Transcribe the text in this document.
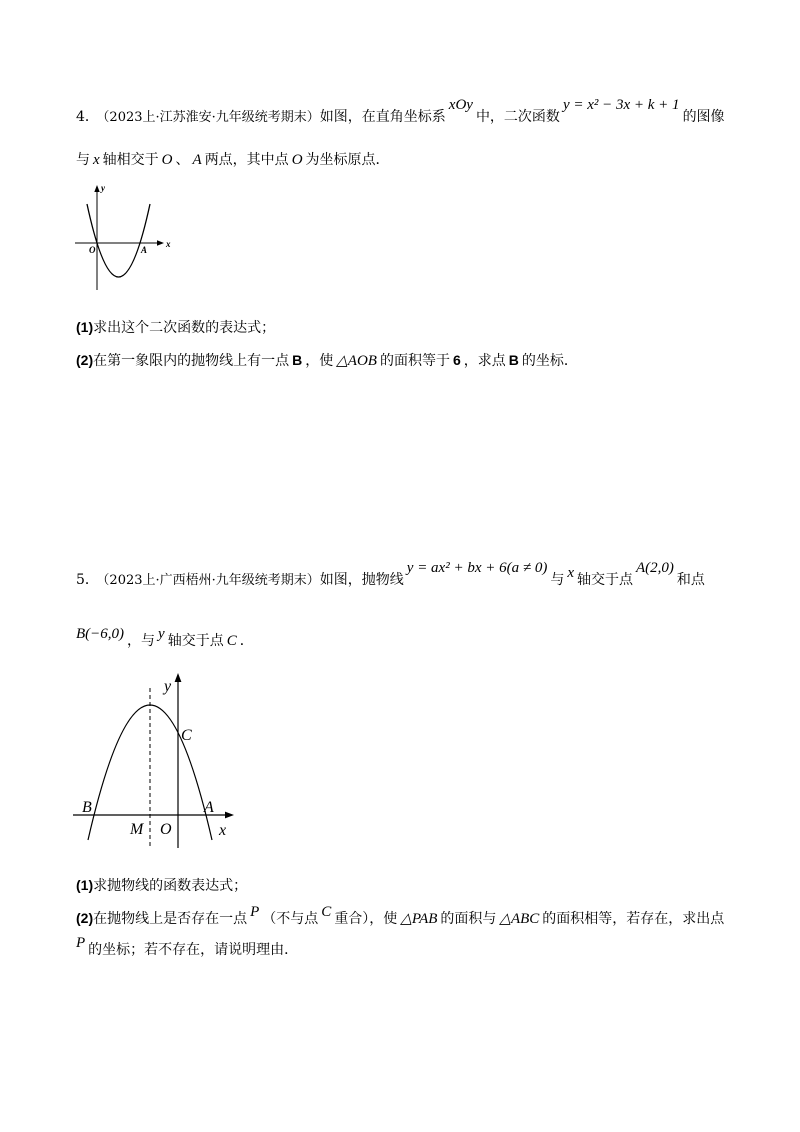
4． （2023上·江苏淮安·九年级统考期末）如图，在直角坐标系xOy中，二次函数y = x² − 3x + k + 1的图像
与 x 轴相交于 O 、 A 两点，其中点 O 为坐标原点．
y
x
O	A
(1)求出这个二次函数的表达式；
(2)在第一象限内的抛物线上有一点 B ，使 △AOB 的面积等于 6 ，求点 B 的坐标．
5． （2023上·广西梧州·九年级统考期末）如图，抛物线y = ax² + bx + 6(a ≠ 0)与 x 轴交于点A(2,0)和点
B(−6,0) ，与 y 轴交于点 C ．
y
C
B	A
M O	x
(1)求抛物线的函数表达式；
(2)在抛物线上是否存在一点 P （不与点 C 重合），使 △PAB 的面积与 △ABC 的面积相等，若存在，求出点
P 的坐标；若不存在，请说明理由．
